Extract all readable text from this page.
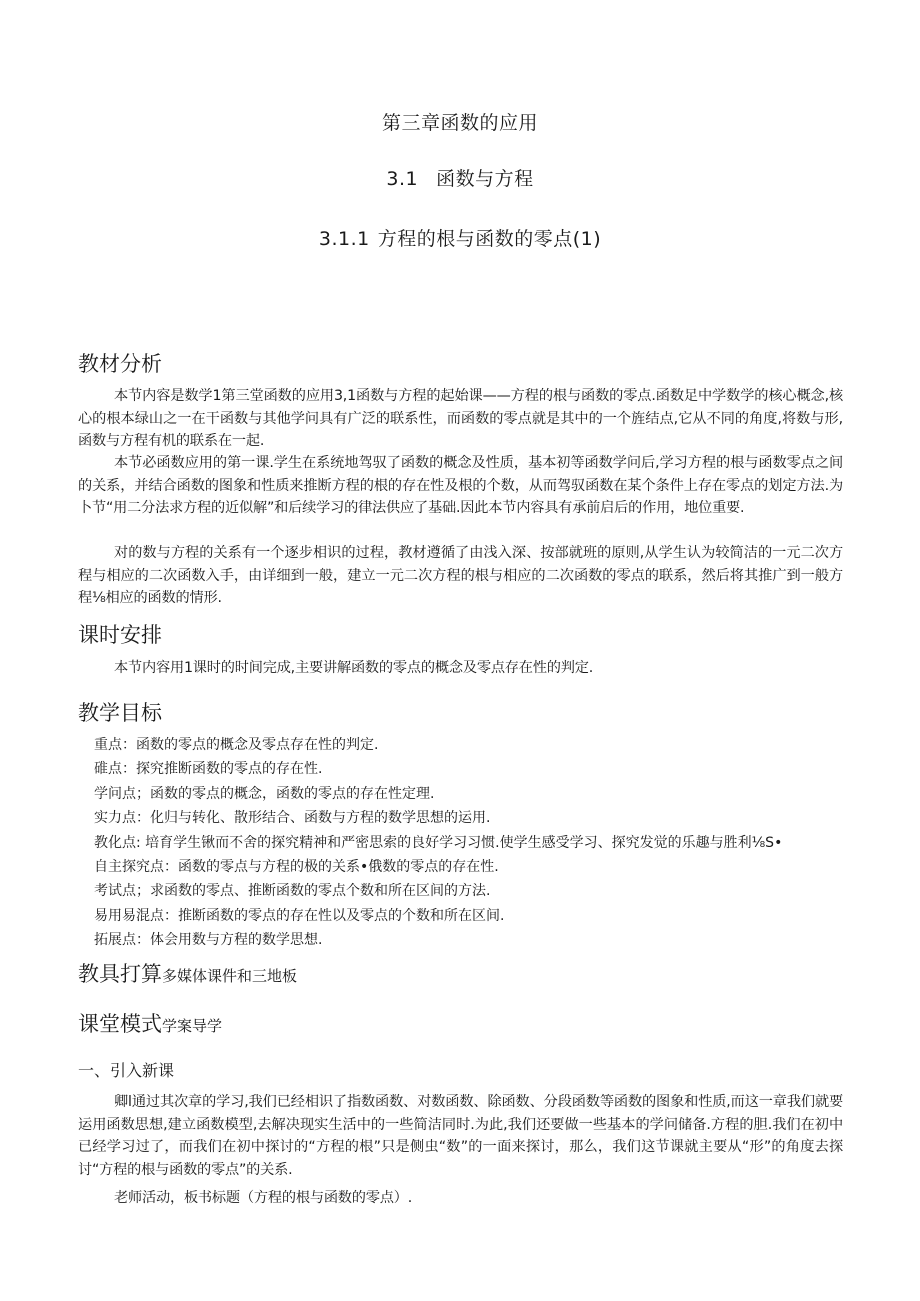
第三章函数的应用
3.1 函数与方程
3.1.1 方程的根与函数的零点(1)
教材分析

本节内容是数学1第三堂函数的应用3,1函数与方程的起始课——方程的根与函数的零点.函数足中学数学的核心概念,核心的根本绿山之一在干函数与其他学问具有广泛的联系性，而函数的零点就是其中的一个旌结点,它从不同的角度,将数与形,函数与方程有机的联系在一起.

本节必函数应用的第一课.学生在系统地驾驭了函数的概念及性质，基本初等函数学问后,学习方程的根与函数零点之间的关系，并结合函数的图象和性质来推断方程的根的存在性及根的个数，从而驾驭函数在某个条件上存在零点的划定方法.为卜节“用二分法求方程的近似解”和后续学习的律法供应了基础.因此本节内容具有承前启后的作用，地位重要.

对的数与方程的关系有一个逐步相识的过程，教材遵循了由浅入深、按部就班的原则,从学生认为较简洁的一元二次方程与相应的二次函数入手，由详细到一般，建立一元二次方程的根与相应的二次函数的零点的联系，然后将其推广到一般方程⅛相应的函数的情形.

课时安排

本节内容用1课时的时间完成,主要讲解函数的零点的概念及零点存在性的判定.

教学目标
重点：函数的零点的概念及零点存在性的判定.
碓点：探究推断函数的零点的存在性.
学问点；函数的零点的概念，函数的零点的存在性定理.
实力点：化归与转化、散形结合、函数与方程的数学思想的运用.
教化点: 培育学生锹而不舍的探究精神和严密思索的良好学习习惯.使学生感受学习、探究发觉的乐趣与胜利⅛S•
自主探究点：函数的零点与方程的极的关系•俄数的零点的存在性.
考试点；求函数的零点、推断函数的零点个数和所在区间的方法.
易用易混点：推断函数的零点的存在性以及零点的个数和所在区间.
拓展点：体会用数与方程的数学思想.
教具打算多媒体课件和三地板
课堂模式学案导学
一、引入新课

卿l通过其次章的学习,我们已经相识了指数函数、对数函数、除函数、分段函数等函数的图象和性质,而这一章我们就要运用函数思想,建立函数模型,去解决现实生活中的一些简洁同时.为此,我们还要做一些基本的学问储备.方程的胆.我们在初中已经学习过了，而我们在初中探讨的“方程的根”只是侧虫“数”的一面来探讨，那么，我们这节课就主要从“形”的角度去探讨“方程的根与函数的零点”的关系.

老师活动，板书标题（方程的根与函数的零点）.
